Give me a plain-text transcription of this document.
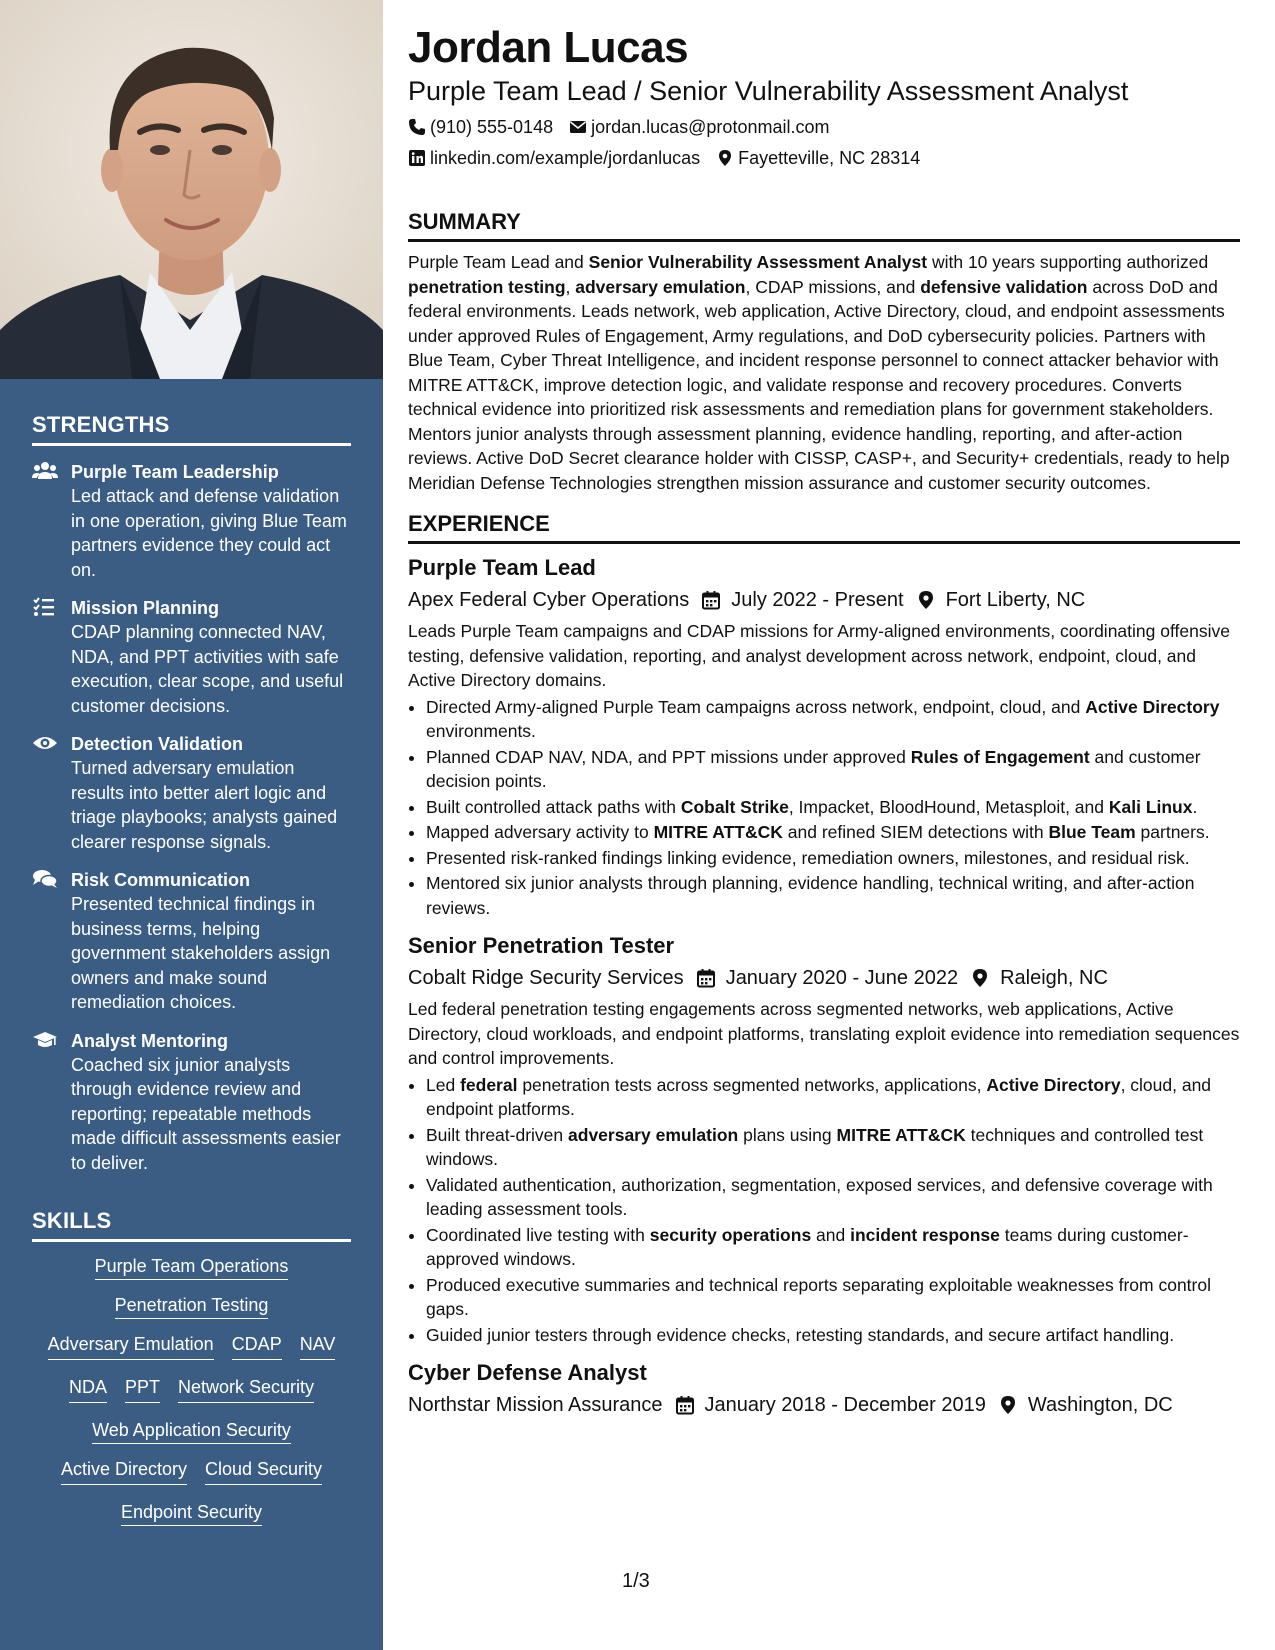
STRENGTHS
Purple Team Leadership
Led attack and defense validation in one operation, giving Blue Team partners evidence they could act on.
Mission Planning
CDAP planning connected NAV, NDA, and PPT activities with safe execution, clear scope, and useful customer decisions.
Detection Validation
Turned adversary emulation results into better alert logic and triage playbooks; analysts gained clearer response signals.
Risk Communication
Presented technical findings in business terms, helping government stakeholders assign owners and make sound remediation choices.
Analyst Mentoring
Coached six junior analysts through evidence review and reporting; repeatable methods made difficult assessments easier to deliver.
SKILLS
Purple Team Operations
Penetration Testing
Adversary Emulation CDAP NAV
NDA PPT Network Security
Web Application Security
Active Directory Cloud Security
Endpoint Security
Jordan Lucas
Purple Team Lead / Senior Vulnerability Assessment Analyst
(910) 555-0148 jordan.lucas@protonmail.com
linkedin.com/example/jordanlucas Fayetteville, NC 28314
SUMMARY

Purple Team Lead and Senior Vulnerability Assessment Analyst with 10 years supporting authorized penetration testing, adversary emulation, CDAP missions, and defensive validation across DoD and federal environments. Leads network, web application, Active Directory, cloud, and endpoint assessments under approved Rules of Engagement, Army regulations, and DoD cybersecurity policies. Partners with Blue Team, Cyber Threat Intelligence, and incident response personnel to connect attacker behavior with MITRE ATT&CK, improve detection logic, and validate response and recovery procedures. Converts technical evidence into prioritized risk assessments and remediation plans for government stakeholders. Mentors junior analysts through assessment planning, evidence handling, reporting, and after-action reviews. Active DoD Secret clearance holder with CISSP, CASP+, and Security+ credentials, ready to help Meridian Defense Technologies strengthen mission assurance and customer security outcomes.

EXPERIENCE
Purple Team Lead
Apex Federal Cyber Operations July 2022 - Present Fort Liberty, NC

Leads Purple Team campaigns and CDAP missions for Army-aligned environments, coordinating offensive testing, defensive validation, reporting, and analyst development across network, endpoint, cloud, and Active Directory domains.

• Directed Army-aligned Purple Team campaigns across network, endpoint, cloud, and Active Directory environments.
• Planned CDAP NAV, NDA, and PPT missions under approved Rules of Engagement and customer decision points.
• Built controlled attack paths with Cobalt Strike, Impacket, BloodHound, Metasploit, and Kali Linux.
• Mapped adversary activity to MITRE ATT&CK and refined SIEM detections with Blue Team partners.
• Presented risk-ranked findings linking evidence, remediation owners, milestones, and residual risk.
• Mentored six junior analysts through planning, evidence handling, technical writing, and after-action reviews.
Senior Penetration Tester
Cobalt Ridge Security Services January 2020 - June 2022 Raleigh, NC

Led federal penetration testing engagements across segmented networks, web applications, Active Directory, cloud workloads, and endpoint platforms, translating exploit evidence into remediation sequences and control improvements.

• Led federal penetration tests across segmented networks, applications, Active Directory, cloud, and endpoint platforms.
• Built threat-driven adversary emulation plans using MITRE ATT&CK techniques and controlled test windows.
• Validated authentication, authorization, segmentation, exposed services, and defensive coverage with leading assessment tools.
• Coordinated live testing with security operations and incident response teams during customer-approved windows.
• Produced executive summaries and technical reports separating exploitable weaknesses from control gaps.
• Guided junior testers through evidence checks, retesting standards, and secure artifact handling.
Cyber Defense Analyst
Northstar Mission Assurance January 2018 - December 2019 Washington, DC
1/3
